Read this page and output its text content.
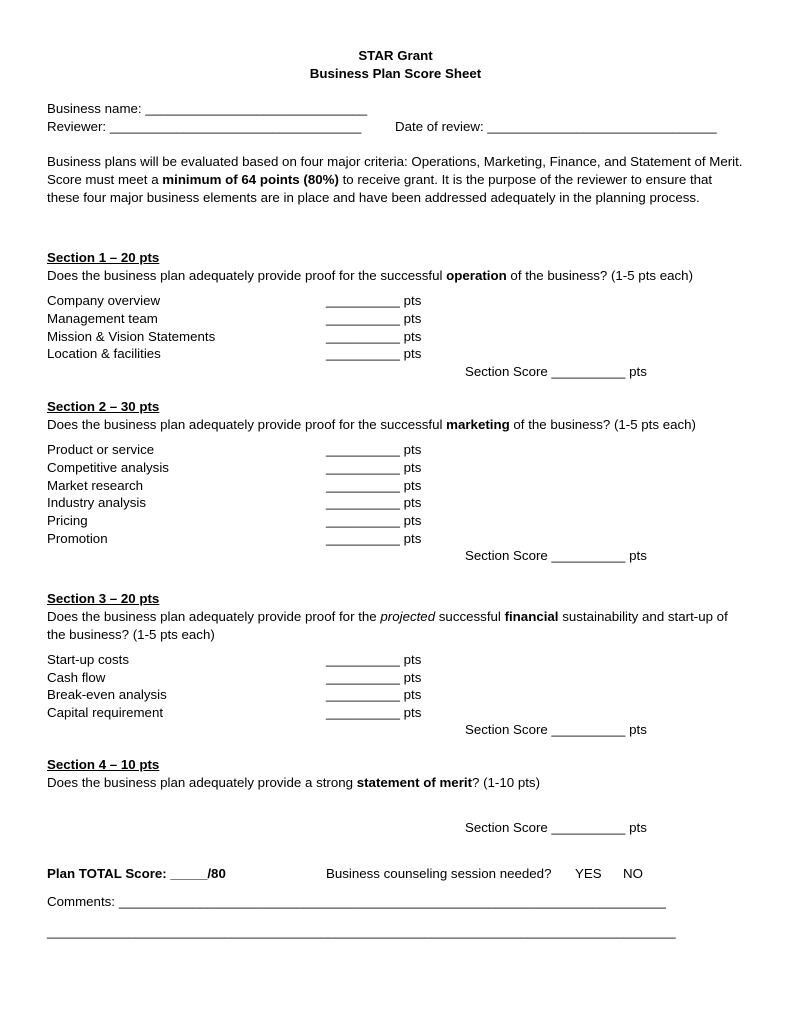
STAR Grant
Business Plan Score Sheet
Business name: ______________________________
Reviewer: __________________________________	Date of review: _______________________________
Business plans will be evaluated based on four major criteria: Operations, Marketing, Finance, and Statement of Merit. Score must meet a minimum of 64 points (80%) to receive grant. It is the purpose of the reviewer to ensure that these four major business elements are in place and have been addressed adequately in the planning process.
Section 1 – 20 pts
Does the business plan adequately provide proof for the successful operation of the business? (1-5 pts each)
Company overview	__________ pts
Management team	__________ pts
Mission & Vision Statements	__________ pts
Location & facilities	__________ pts
Section Score __________ pts
Section 2 – 30 pts
Does the business plan adequately provide proof for the successful marketing of the business? (1-5 pts each)
Product or service	__________ pts
Competitive analysis	__________ pts
Market research	__________ pts
Industry analysis	__________ pts
Pricing	__________ pts
Promotion	__________ pts
Section Score __________ pts
Section 3 – 20 pts
Does the business plan adequately provide proof for the projected successful financial sustainability and start-up of the business? (1-5 pts each)
Start-up costs	__________ pts
Cash flow	__________ pts
Break-even analysis	__________ pts
Capital requirement	__________ pts
Section Score __________ pts
Section 4 – 10 pts
Does the business plan adequately provide a strong statement of merit? (1-10 pts)
Section Score __________ pts
Plan TOTAL Score: _____/80	Business counseling session needed? YES NO
Comments: __________________________________________________________________________
_____________________________________________________________________________________
